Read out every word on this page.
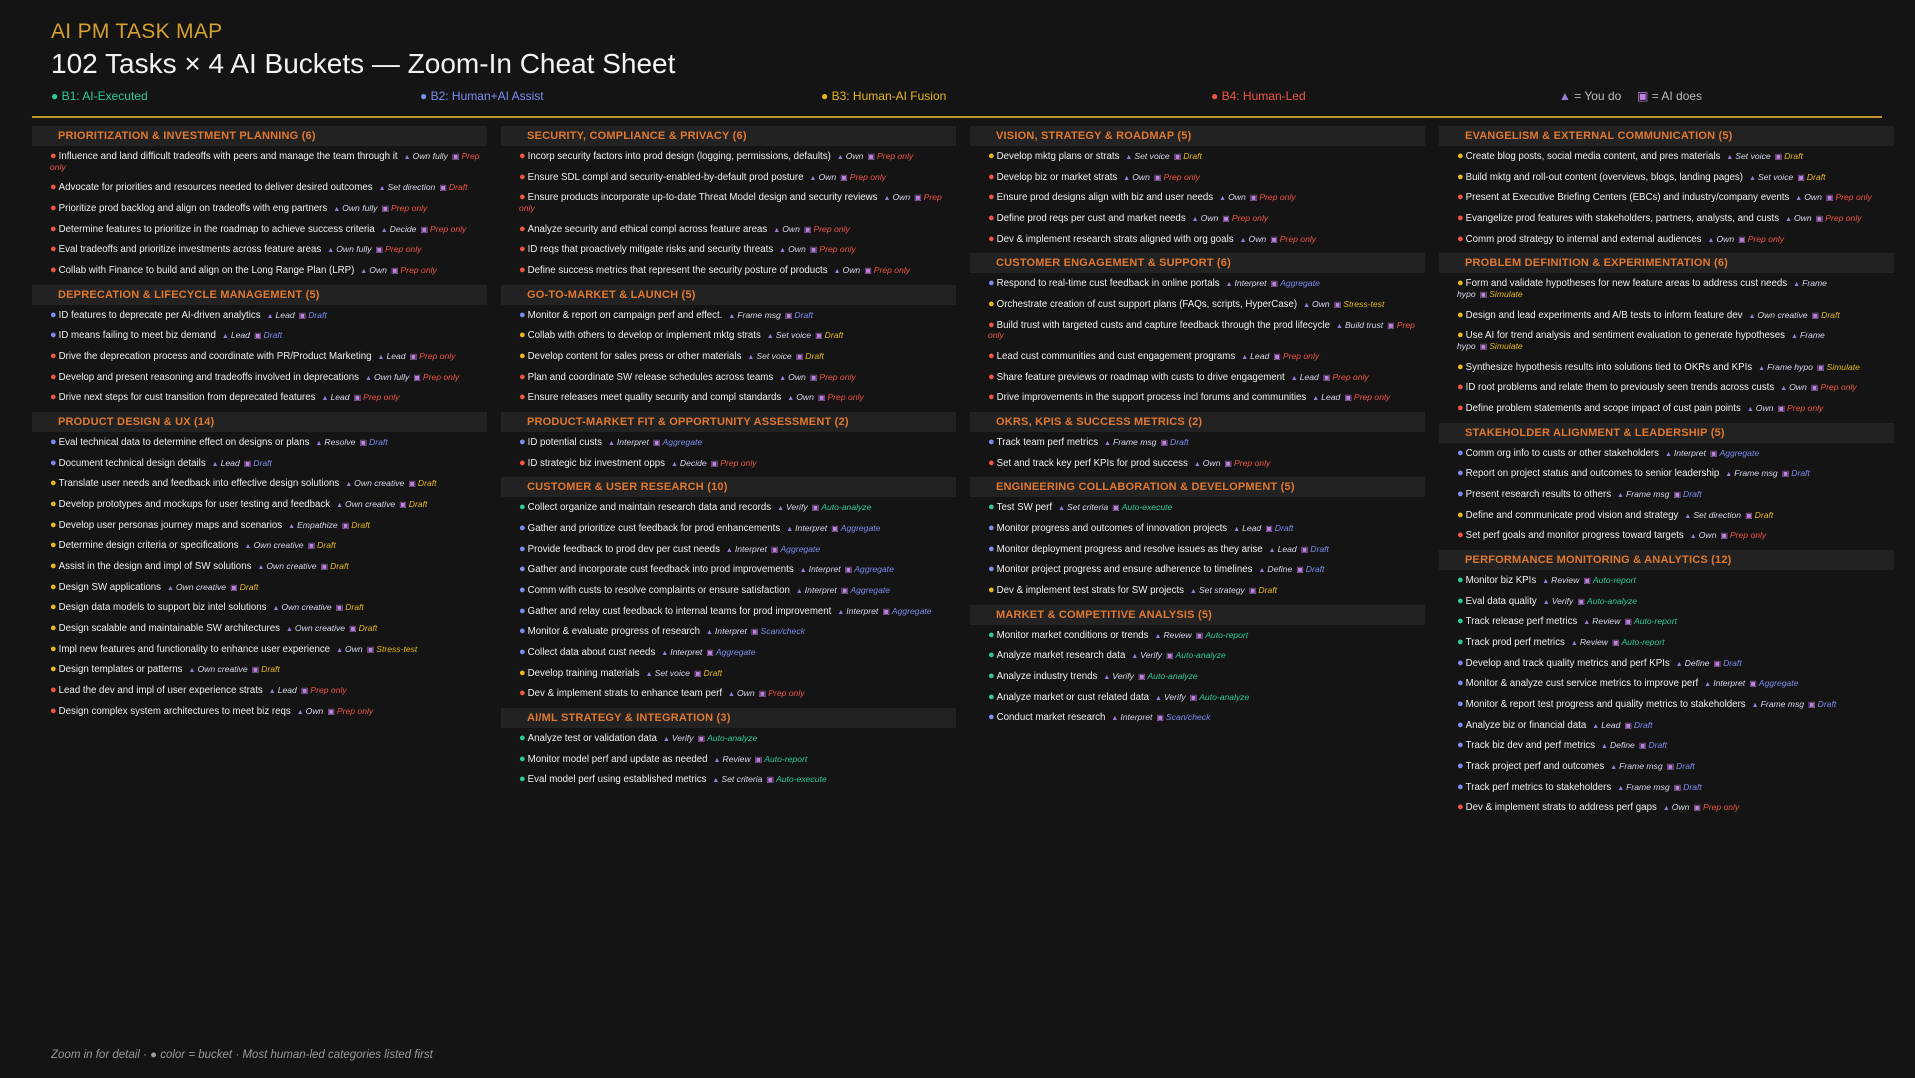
AI PM TASK MAP
102 Tasks × 4 AI Buckets — Zoom-In Cheat Sheet
● B1: AI-Executed	● B2: Human+AI Assist	● B3: Human-AI Fusion	● B4: Human-Led	▲ = You do ▣ = AI does
PRIORITIZATION & INVESTMENT PLANNING (6)
● Influence and land difficult tradeoffs with peers and manage the team through it ▲ Own fully ▣ Prep only
● Advocate for priorities and resources needed to deliver desired outcomes ▲ Set direction ▣ Draft
● Prioritize prod backlog and align on tradeoffs with eng partners ▲ Own fully ▣ Prep only
● Determine features to prioritize in the roadmap to achieve success criteria ▲ Decide ▣ Prep only
● Eval tradeoffs and prioritize investments across feature areas ▲ Own fully ▣ Prep only
● Collab with Finance to build and align on the Long Range Plan (LRP) ▲ Own ▣ Prep only
DEPRECATION & LIFECYCLE MANAGEMENT (5)
● ID features to deprecate per AI-driven analytics ▲ Lead ▣ Draft
● ID means failing to meet biz demand ▲ Lead ▣ Draft
● Drive the deprecation process and coordinate with PR/Product Marketing ▲ Lead ▣ Prep only
● Develop and present reasoning and tradeoffs involved in deprecations ▲ Own fully ▣ Prep only
● Drive next steps for cust transition from deprecated features ▲ Lead ▣ Prep only
PRODUCT DESIGN & UX (14)
● Eval technical data to determine effect on designs or plans ▲ Resolve ▣ Draft
● Document technical design details ▲ Lead ▣ Draft
● Translate user needs and feedback into effective design solutions ▲ Own creative ▣ Draft
● Develop prototypes and mockups for user testing and feedback ▲ Own creative ▣ Draft
● Develop user personas journey maps and scenarios ▲ Empathize ▣ Draft
● Determine design criteria or specifications ▲ Own creative ▣ Draft
● Assist in the design and impl of SW solutions ▲ Own creative ▣ Draft
● Design SW applications ▲ Own creative ▣ Draft
● Design data models to support biz intel solutions ▲ Own creative ▣ Draft
● Design scalable and maintainable SW architectures ▲ Own creative ▣ Draft
● Impl new features and functionality to enhance user experience ▲ Own ▣ Stress-test
● Design templates or patterns ▲ Own creative ▣ Draft
● Lead the dev and impl of user experience strats ▲ Lead ▣ Prep only
● Design complex system architectures to meet biz reqs ▲ Own ▣ Prep only
SECURITY, COMPLIANCE & PRIVACY (6)
● Incorp security factors into prod design (logging, permissions, defaults) ▲ Own ▣ Prep only
● Ensure SDL compl and security-enabled-by-default prod posture ▲ Own ▣ Prep only
● Ensure products incorporate up-to-date Threat Model design and security reviews ▲ Own ▣ Prep only
● Analyze security and ethical compl across feature areas ▲ Own ▣ Prep only
● ID reqs that proactively mitigate risks and security threats ▲ Own ▣ Prep only
● Define success metrics that represent the security posture of products ▲ Own ▣ Prep only
GO-TO-MARKET & LAUNCH (5)
● Monitor & report on campaign perf and effect. ▲ Frame msg ▣ Draft
● Collab with others to develop or implement mktg strats ▲ Set voice ▣ Draft
● Develop content for sales press or other materials ▲ Set voice ▣ Draft
● Plan and coordinate SW release schedules across teams ▲ Own ▣ Prep only
● Ensure releases meet quality security and compl standards ▲ Own ▣ Prep only
PRODUCT-MARKET FIT & OPPORTUNITY ASSESSMENT (2)
● ID potential custs ▲ Interpret ▣ Aggregate
● ID strategic biz investment opps ▲ Decide ▣ Prep only
CUSTOMER & USER RESEARCH (10)
● Collect organize and maintain research data and records ▲ Verify ▣ Auto-analyze
● Gather and prioritize cust feedback for prod enhancements ▲ Interpret ▣ Aggregate
● Provide feedback to prod dev per cust needs ▲ Interpret ▣ Aggregate
● Gather and incorporate cust feedback into prod improvements ▲ Interpret ▣ Aggregate
● Comm with custs to resolve complaints or ensure satisfaction ▲ Interpret ▣ Aggregate
● Gather and relay cust feedback to internal teams for prod improvement ▲ Interpret ▣ Aggregate
● Monitor & evaluate progress of research ▲ Interpret ▣ Scan/check
● Collect data about cust needs ▲ Interpret ▣ Aggregate
● Develop training materials ▲ Set voice ▣ Draft
● Dev & implement strats to enhance team perf ▲ Own ▣ Prep only
AI/ML STRATEGY & INTEGRATION (3)
● Analyze test or validation data ▲ Verify ▣ Auto-analyze
● Monitor model perf and update as needed ▲ Review ▣ Auto-report
● Eval model perf using established metrics ▲ Set criteria ▣ Auto-execute
VISION, STRATEGY & ROADMAP (5)
● Develop mktg plans or strats ▲ Set voice ▣ Draft
● Develop biz or market strats ▲ Own ▣ Prep only
● Ensure prod designs align with biz and user needs ▲ Own ▣ Prep only
● Define prod reqs per cust and market needs ▲ Own ▣ Prep only
● Dev & implement research strats aligned with org goals ▲ Own ▣ Prep only
CUSTOMER ENGAGEMENT & SUPPORT (6)
● Respond to real-time cust feedback in online portals ▲ Interpret ▣ Aggregate
● Orchestrate creation of cust support plans (FAQs, scripts, HyperCase) ▲ Own ▣ Stress-test
● Build trust with targeted custs and capture feedback through the prod lifecycle ▲ Build trust ▣ Prep only
● Lead cust communities and cust engagement programs ▲ Lead ▣ Prep only
● Share feature previews or roadmap with custs to drive engagement ▲ Lead ▣ Prep only
● Drive improvements in the support process incl forums and communities ▲ Lead ▣ Prep only
OKRS, KPIS & SUCCESS METRICS (2)
● Track team perf metrics ▲ Frame msg ▣ Draft
● Set and track key perf KPIs for prod success ▲ Own ▣ Prep only
ENGINEERING COLLABORATION & DEVELOPMENT (5)
● Test SW perf ▲ Set criteria ▣ Auto-execute
● Monitor progress and outcomes of innovation projects ▲ Lead ▣ Draft
● Monitor deployment progress and resolve issues as they arise ▲ Lead ▣ Draft
● Monitor project progress and ensure adherence to timelines ▲ Define ▣ Draft
● Dev & implement test strats for SW projects ▲ Set strategy ▣ Draft
MARKET & COMPETITIVE ANALYSIS (5)
● Monitor market conditions or trends ▲ Review ▣ Auto-report
● Analyze market research data ▲ Verify ▣ Auto-analyze
● Analyze industry trends ▲ Verify ▣ Auto-analyze
● Analyze market or cust related data ▲ Verify ▣ Auto-analyze
● Conduct market research ▲ Interpret ▣ Scan/check
EVANGELISM & EXTERNAL COMMUNICATION (5)
● Create blog posts, social media content, and pres materials ▲ Set voice ▣ Draft
● Build mktg and roll-out content (overviews, blogs, landing pages) ▲ Set voice ▣ Draft
● Present at Executive Briefing Centers (EBCs) and industry/company events ▲ Own ▣ Prep only
● Evangelize prod features with stakeholders, partners, analysts, and custs ▲ Own ▣ Prep only
● Comm prod strategy to internal and external audiences ▲ Own ▣ Prep only
PROBLEM DEFINITION & EXPERIMENTATION (6)
● Form and validate hypotheses for new feature areas to address cust needs ▲ Frame hypo ▣ Simulate
● Design and lead experiments and A/B tests to inform feature dev ▲ Own creative ▣ Draft
● Use AI for trend analysis and sentiment evaluation to generate hypotheses ▲ Frame hypo ▣ Simulate
● Synthesize hypothesis results into solutions tied to OKRs and KPIs ▲ Frame hypo ▣ Simulate
● ID root problems and relate them to previously seen trends across custs ▲ Own ▣ Prep only
● Define problem statements and scope impact of cust pain points ▲ Own ▣ Prep only
STAKEHOLDER ALIGNMENT & LEADERSHIP (5)
● Comm org info to custs or other stakeholders ▲ Interpret ▣ Aggregate
● Report on project status and outcomes to senior leadership ▲ Frame msg ▣ Draft
● Present research results to others ▲ Frame msg ▣ Draft
● Define and communicate prod vision and strategy ▲ Set direction ▣ Draft
● Set perf goals and monitor progress toward targets ▲ Own ▣ Prep only
PERFORMANCE MONITORING & ANALYTICS (12)
● Monitor biz KPIs ▲ Review ▣ Auto-report
● Eval data quality ▲ Verify ▣ Auto-analyze
● Track release perf metrics ▲ Review ▣ Auto-report
● Track prod perf metrics ▲ Review ▣ Auto-report
● Develop and track quality metrics and perf KPIs ▲ Define ▣ Draft
● Monitor & analyze cust service metrics to improve perf ▲ Interpret ▣ Aggregate
● Monitor & report test progress and quality metrics to stakeholders ▲ Frame msg ▣ Draft
● Analyze biz or financial data ▲ Lead ▣ Draft
● Track biz dev and perf metrics ▲ Define ▣ Draft
● Track project perf and outcomes ▲ Frame msg ▣ Draft
● Track perf metrics to stakeholders ▲ Frame msg ▣ Draft
● Dev & implement strats to address perf gaps ▲ Own ▣ Prep only
Zoom in for detail · ● color = bucket · Most human-led categories listed first
